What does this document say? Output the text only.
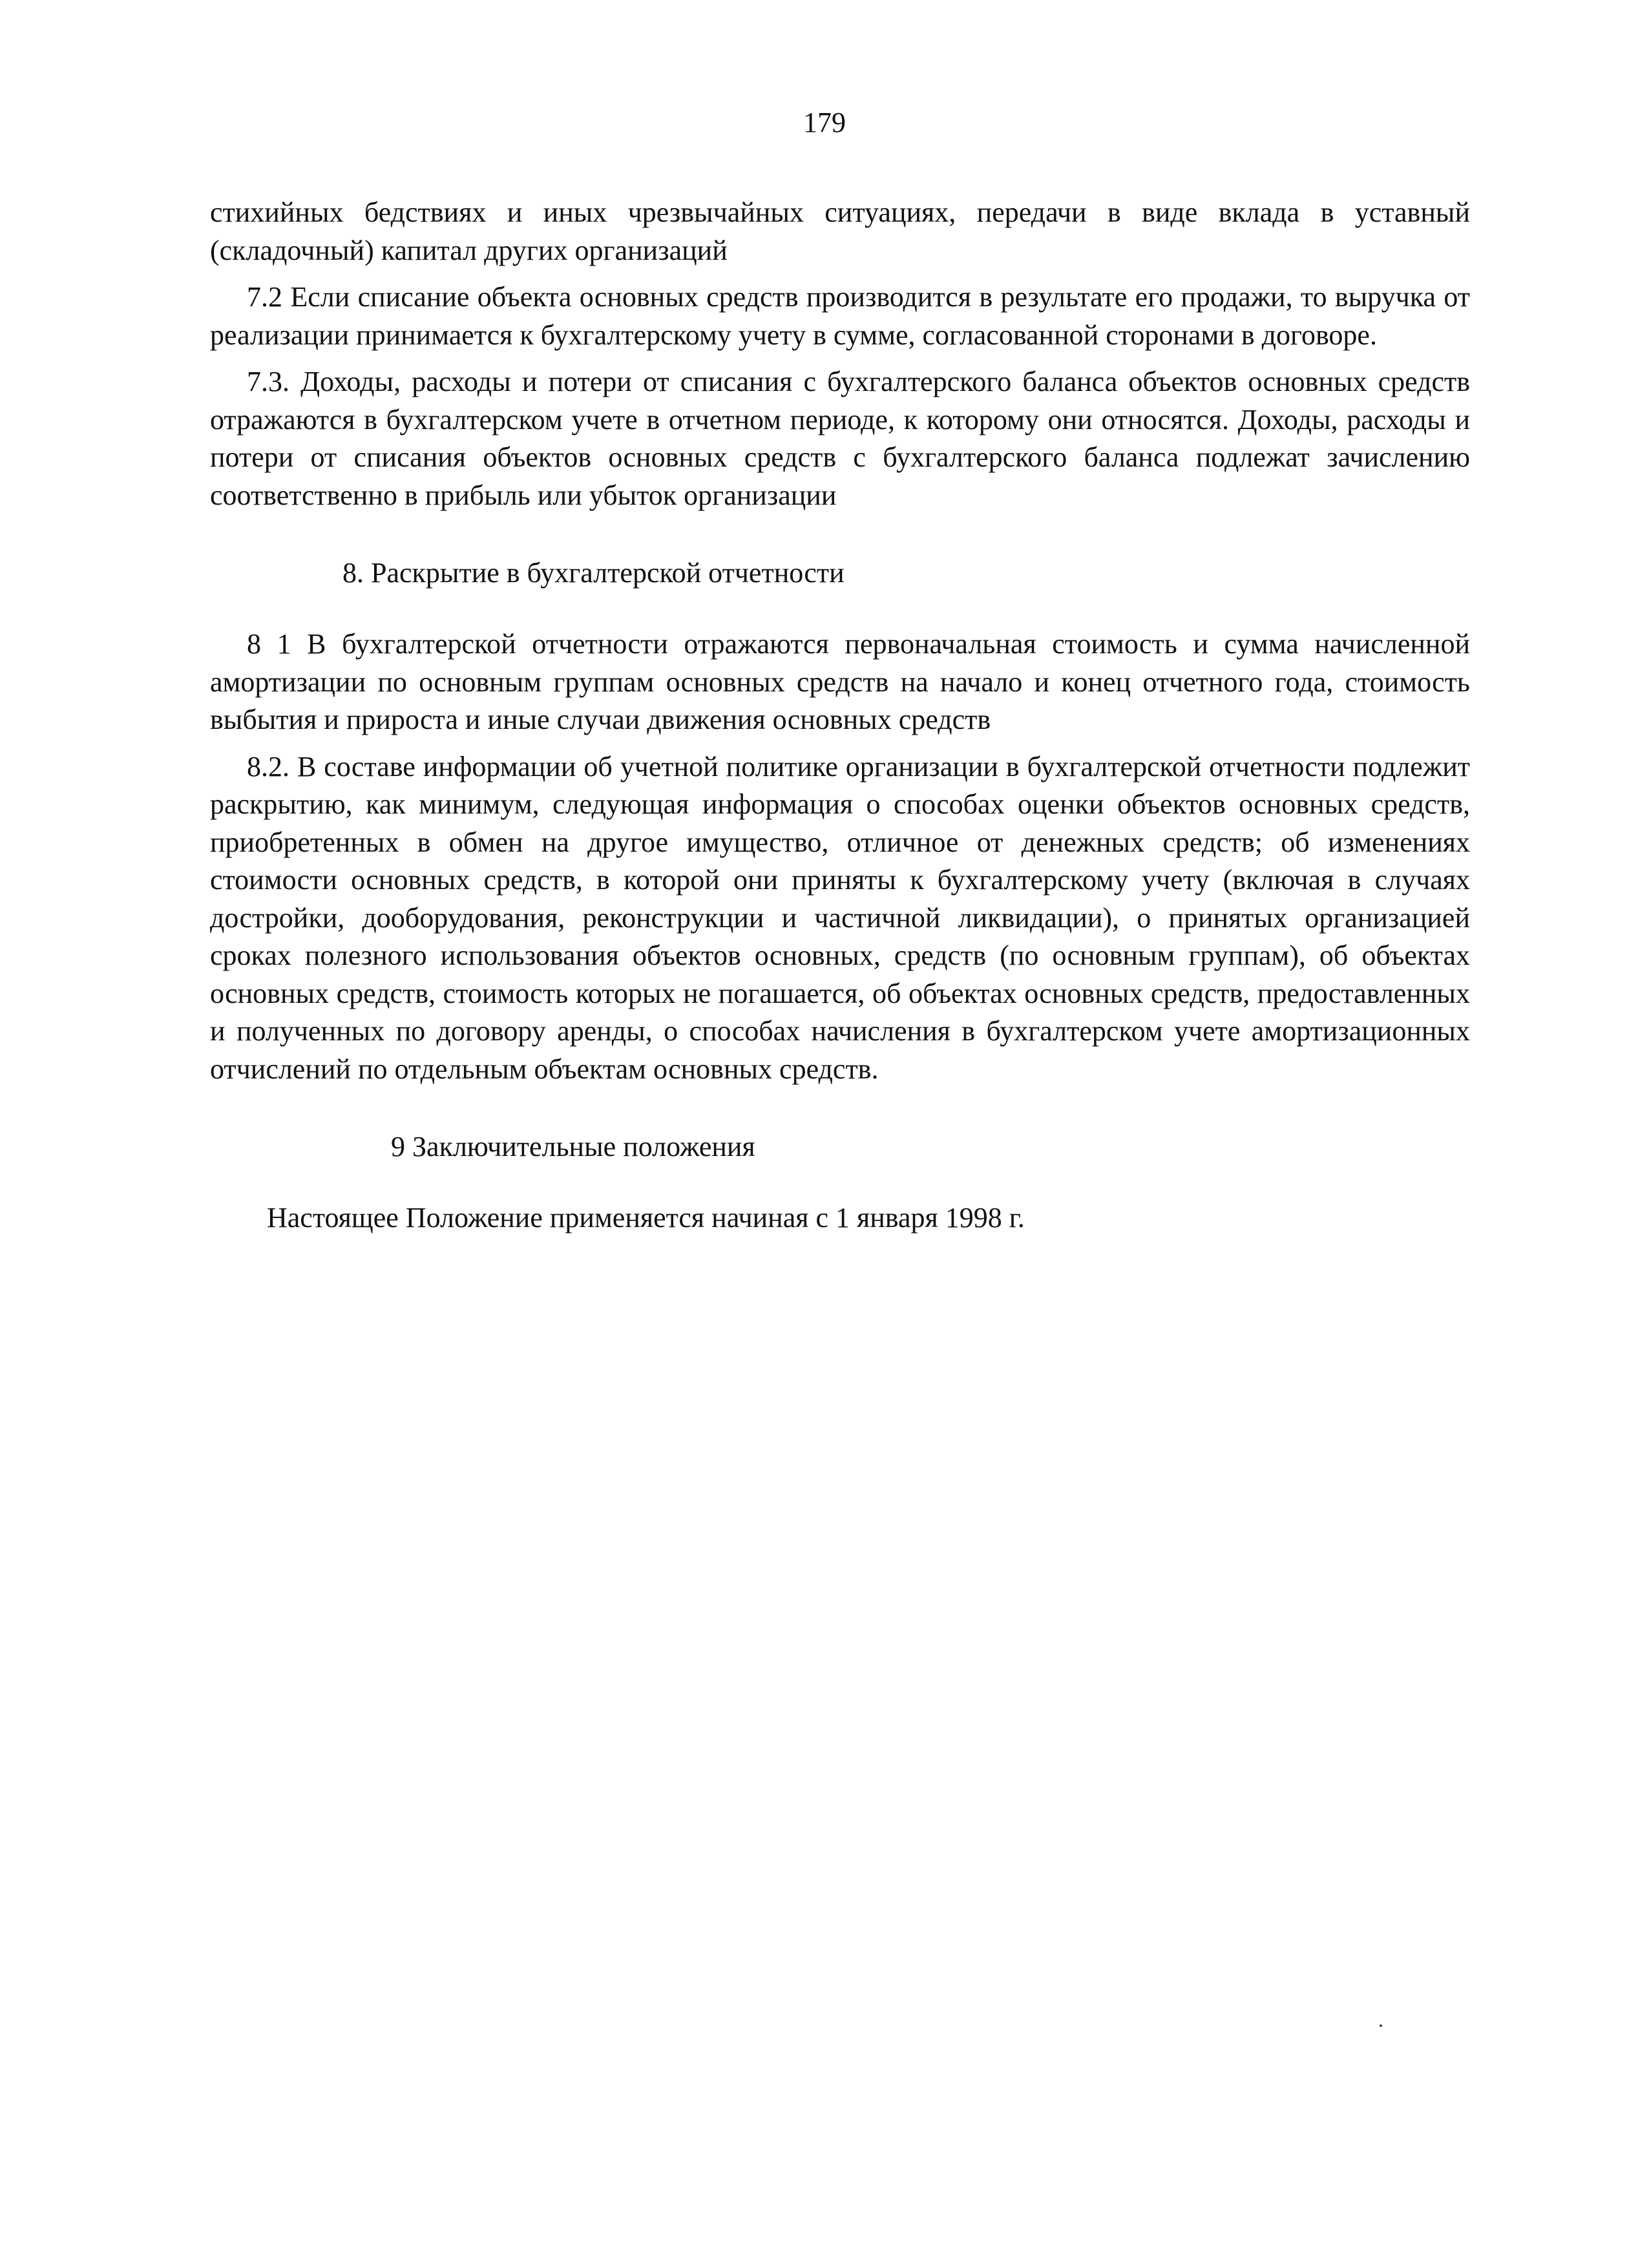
179

стихийных бедствиях и иных чрезвычайных ситуациях, передачи в виде вклада в уставный (складочный) капитал других организаций

7.2 Если списание объекта основных средств производится в результате его продажи, то выручка от реализации принимается к бухгалтерскому учету в сумме, согласованной сторонами в договоре.

7.3. Доходы, расходы и потери от списания с бухгалтерского баланса объектов основных средств отражаются в бухгалтерском учете в отчетном периоде, к которому они относятся. Доходы, расходы и потери от списания объектов основных средств с бухгалтерского баланса подлежат зачислению соответственно в прибыль или убыток организации

8. Раскрытие в бухгалтерской отчетности

8 1 В бухгалтерской отчетности отражаются первоначальная стоимость и сумма начисленной амортизации по основным группам основных средств на начало и конец отчетного года, стоимость выбытия и прироста и иные случаи движения основных средств

8.2. В составе информации об учетной политике организации в бухгалтерской отчетности подлежит раскрытию, как минимум, следующая информация о способах оценки объектов основных средств, приобретенных в обмен на другое имущество, отличное от денежных средств; об изменениях стоимости основных средств, в которой они приняты к бухгалтерскому учету (включая в случаях достройки, дооборудования, реконструкции и частичной ликвидации), о принятых организацией сроках полезного использования объектов основных, средств (по основным группам), об объектах основных средств, стоимость которых не погашается, об объектах основных средств, предоставленных и полученных по договору аренды, о способах начисления в бухгалтерском учете амортизационных отчислений по отдельным объектам основных средств.

9 Заключительные положения

Настоящее Положение применяется начиная с 1 января 1998 г.
